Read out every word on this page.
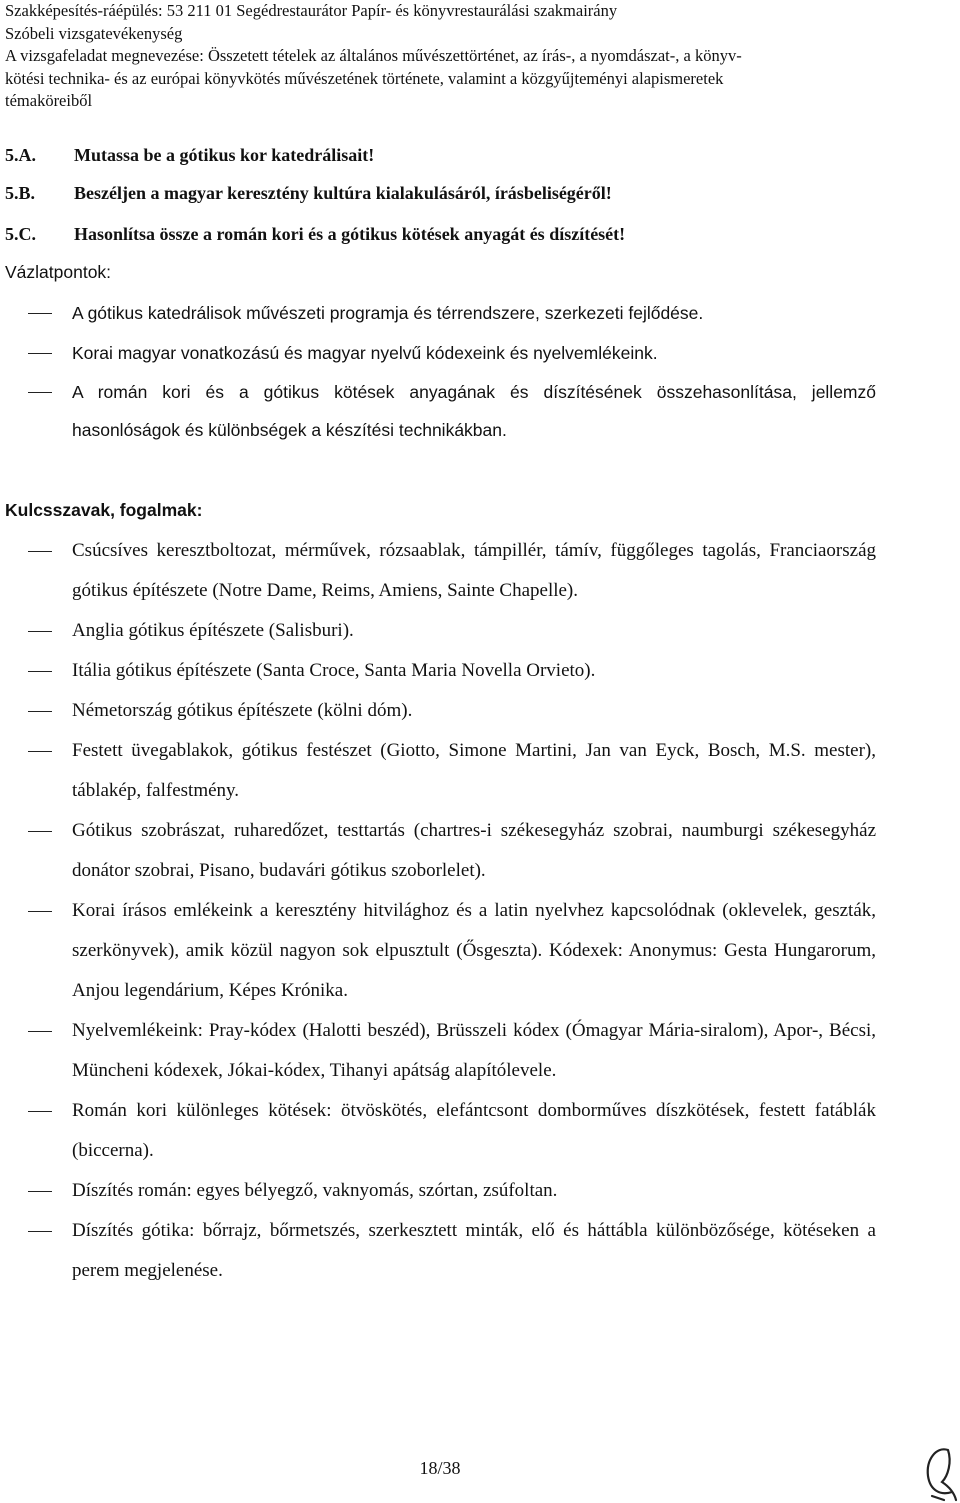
Szakképesítés-ráépülés: 53 211 01 Segédrestaurátor Papír- és könyvrestaurálási szakmairány
Szóbeli vizsgatevékenység
A vizsgafeladat megnevezése: Összetett tételek az általános művészettörténet, az írás-, a nyomdászat-, a könyv-
kötési technika- és az európai könyvkötés művészetének története, valamint a közgyűjteményi alapismeretek
témaköreiből
5.A. Mutassa be a gótikus kor katedrálisait!
5.B. Beszéljen a magyar keresztény kultúra kialakulásáról, írásbeliségéről!
5.C. Hasonlítsa össze a román kori és a gótikus kötések anyagát és díszítését!
Vázlatpontok:
A gótikus katedrálisok művészeti programja és térrendszere, szerkezeti fejlődése.
Korai magyar vonatkozású és magyar nyelvű kódexeink és nyelvemlékeink.
A román kori és a gótikus kötések anyagának és díszítésének összehasonlítása, jellemző hasonlóságok és különbségek a készítési technikákban.
Kulcsszavak, fogalmak:
Csúcsíves keresztboltozat, mérművek, rózsaablak, támpillér, támív, függőleges tagolás, Franciaország gótikus építészete (Notre Dame, Reims, Amiens, Sainte Chapelle).
Anglia gótikus építészete (Salisburi).
Itália gótikus építészete (Santa Croce, Santa Maria Novella Orvieto).
Németország gótikus építészete (kölni dóm).
Festett üvegablakok, gótikus festészet (Giotto, Simone Martini, Jan van Eyck, Bosch, M.S. mester), táblakép, falfestmény.
Gótikus szobrászat, ruharedőzet, testtartás (chartres-i székesegyház szobrai, naumburgi székesegyház donátor szobrai, Pisano, budavári gótikus szoborlelet).
Korai írásos emlékeink a keresztény hitvilághoz és a latin nyelvhez kapcsolódnak (oklevelek, geszták, szerkönyvek), amik közül nagyon sok elpusztult (Ősgeszta). Kódexek: Anonymus: Gesta Hungarorum, Anjou legendárium, Képes Krónika.
Nyelvemlékeink: Pray-kódex (Halotti beszéd), Brüsszeli kódex (Ómagyar Mária-siralom), Apor-, Bécsi, Müncheni kódexek, Jókai-kódex, Tihanyi apátság alapítólevele.
Román kori különleges kötések: ötvöskötés, elefántcsont domborműves díszkötések, festett fatáblák (biccerna).
Díszítés román: egyes bélyegző, vaknyomás, szórtan, zsúfoltan.
Díszítés gótika: bőrrajz, bőrmetszés, szerkesztett minták, elő és háttábla különbözősége, kötéseken a perem megjelenése.
18/38
